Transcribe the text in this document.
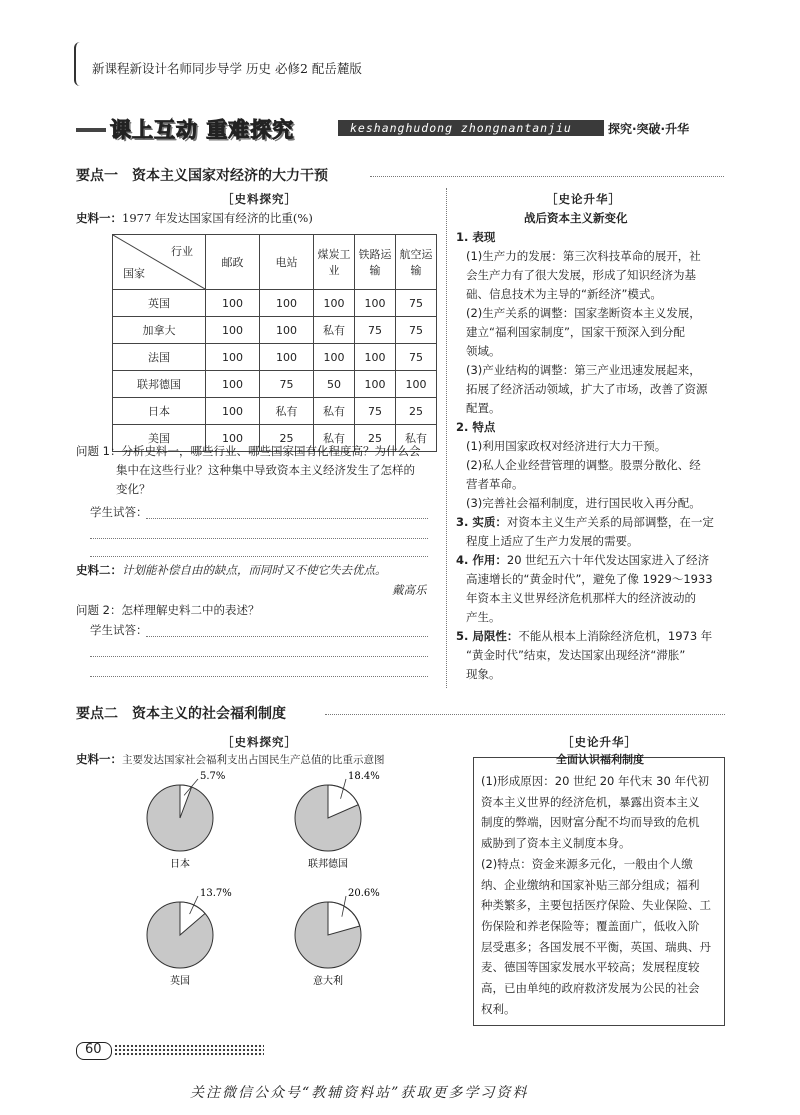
新课程新设计名师同步导学 历史 必修2 配岳麓版
课上互动 重难探究	keshanghudong zhongnantanjiu	探究·突破·升华
要点一　资本主义国家对经济的大力干预
［史料探究］
史料一：1977 年发达国家国有经济的比重(%)
行业
国家	邮政	电站	煤炭工业	铁路运输	航空运输
英国	100	100	100	100	75
加拿大	100	100	私有	75	75
法国	100	100	100	100	75
联邦德国	100	75	50	100	100
日本	100	私有	私有	75	25
美国	100	25	私有	25	私有
问题 1：分析史料一，哪些行业、哪些国家国有化程度高？为什么会
集中在这些行业？这种集中导致资本主义经济发生了怎样的
变化？
学生试答：
史料二：计划能补偿自由的缺点，而同时又不使它失去优点。
戴高乐
问题 2：怎样理解史料二中的表述？
学生试答：
［史论升华］
战后资本主义新变化
1. 表现
(1)生产力的发展：第三次科技革命的展开，社
会生产力有了很大发展，形成了知识经济为基
础、信息技术为主导的“新经济”模式。
(2)生产关系的调整：国家垄断资本主义发展，
建立“福利国家制度”，国家干预深入到分配
领域。
(3)产业结构的调整：第三产业迅速发展起来，
拓展了经济活动领域，扩大了市场，改善了资源
配置。
2. 特点
(1)利用国家政权对经济进行大力干预。
(2)私人企业经营管理的调整。股票分散化、经
营者革命。
(3)完善社会福利制度，进行国民收入再分配。
3. 实质：对资本主义生产关系的局部调整，在一定
程度上适应了生产力发展的需要。
4. 作用：20 世纪五六十年代发达国家进入了经济
高速增长的“黄金时代”，避免了像 1929～1933
年资本主义世界经济危机那样大的经济波动的
产生。
5. 局限性：不能从根本上消除经济危机，1973 年
“黄金时代”结束，发达国家出现经济“滞胀”
现象。
要点二　资本主义的社会福利制度
［史料探究］
史料一：主要发达国家社会福利支出占国民生产总值的比重示意图
5.7%
日本
18.4%
联邦德国
13.7%
英国
20.6%
意大利
［史论升华］
全面认识福利制度
(1)形成原因：20 世纪 20 年代末 30 年代初
资本主义世界的经济危机，暴露出资本主义
制度的弊端，因财富分配不均而导致的危机
威胁到了资本主义制度本身。
(2)特点：资金来源多元化，一般由个人缴
纳、企业缴纳和国家补贴三部分组成；福利
种类繁多，主要包括医疗保险、失业保险、工
伤保险和养老保险等；覆盖面广，低收入阶
层受惠多；各国发展不平衡，英国、瑞典、丹
麦、德国等国家发展水平较高；发展程度较
高，已由单纯的政府救济发展为公民的社会
权利。
60
关注微信公众号“教辅资料站”获取更多学习资料
